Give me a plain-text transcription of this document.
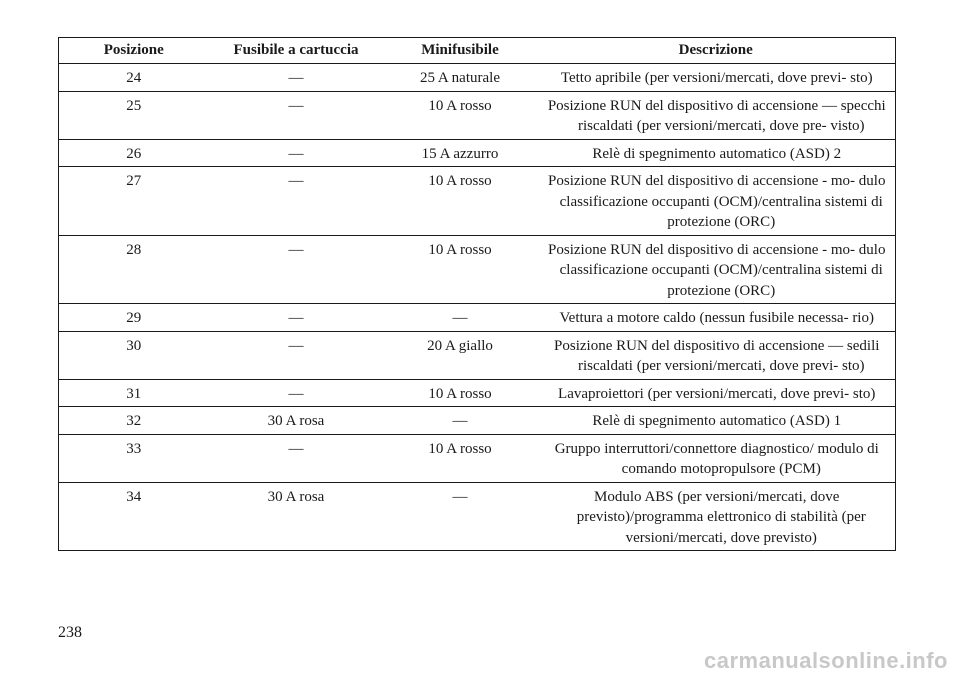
Posizione	Fusibile a cartuccia	Minifusibile	Descrizione
24	—	25 A naturale	Tetto apribile (per versioni/mercati, dove previ- sto)

25	—	10 A rosso	Posizione RUN del dispositivo di accensione — specchi riscaldati (per versioni/mercati, dove pre- visto)

26	—	15 A azzurro	Relè di spegnimento automatico (ASD) 2

27	—	10 A rosso	Posizione RUN del dispositivo di accensione - mo- dulo classificazione occupanti (OCM)/centralina sistemi di protezione (ORC)

28	—	10 A rosso	Posizione RUN del dispositivo di accensione - mo- dulo classificazione occupanti (OCM)/centralina sistemi di protezione (ORC)

29	—	—	Vettura a motore caldo (nessun fusibile necessa- rio)

30	—	20 A giallo	Posizione RUN del dispositivo di accensione — sedili riscaldati (per versioni/mercati, dove previ- sto)

31	—	10 A rosso	Lavaproiettori (per versioni/mercati, dove previ- sto)

32	30 A rosa	—	Relè di spegnimento automatico (ASD) 1

33	—	10 A rosso	Gruppo interruttori/connettore diagnostico/ modulo di comando motopropulsore (PCM)

34	30 A rosa	—	Modulo ABS (per versioni/mercati, dove previsto)/programma elettronico di stabilità (per versioni/mercati, dove previsto)
238
carmanualsonline.info
